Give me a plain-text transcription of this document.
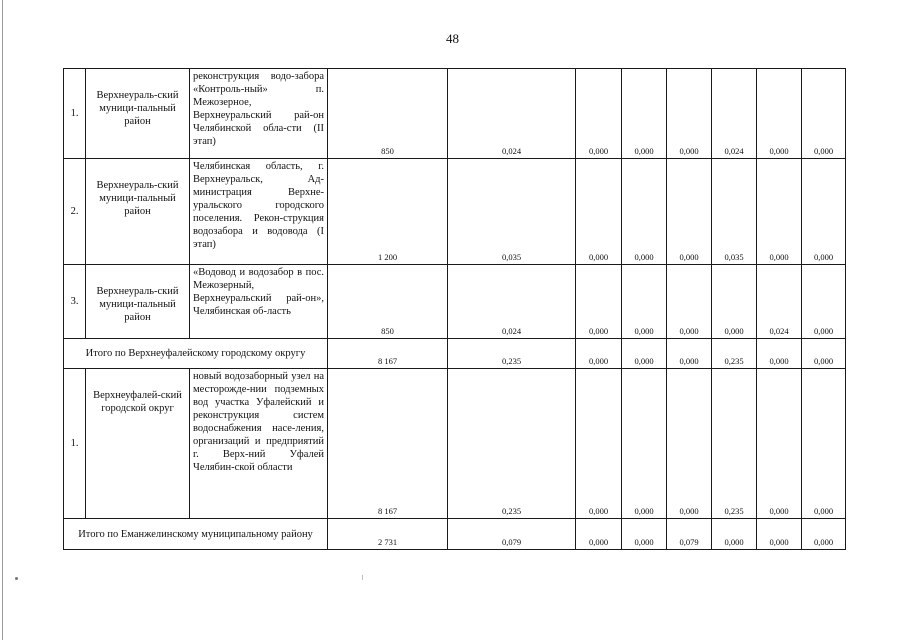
48
1.	Верхнеураль-ский муници-пальный район	реконструкция водо-забора «Контроль-ный» п. Межозерное, Верхнеуральский рай-он Челябинской обла-сти (II этап)	850	0,024	0,000	0,000	0,000	0,024	0,000	0,000
2.	Верхнеураль-ский муници-пальный район	Челябинская область, г. Верхнеуральск, Ад-министрация Верхне-уральского городского поселения. Рекон-струкция водозабора и водовода (I этап)	1 200	0,035	0,000	0,000	0,000	0,035	0,000	0,000
3.	Верхнеураль-ский муници-пальный район	«Водовод и водозабор в пос. Межозерный, Верхнеуральский рай-он», Челябинская об-ласть	850	0,024	0,000	0,000	0,000	0,000	0,024	0,000
Итого по Верхнеуфалейскому городскому округу			8 167	0,235	0,000	0,000	0,000	0,235	0,000	0,000
1.	Верхнеуфалей-ский городской округ	новый водозаборный узел на месторожде-нии подземных вод участка Уфалейский и реконструкция систем водоснабжения насе-ления, организаций и предприятий г. Верх-ний Уфалей Челябин-ской области	8 167	0,235	0,000	0,000	0,000	0,235	0,000	0,000
Итого по Еманжелинскому муниципальному району			2 731	0,079	0,000	0,000	0,079	0,000	0,000	0,000
